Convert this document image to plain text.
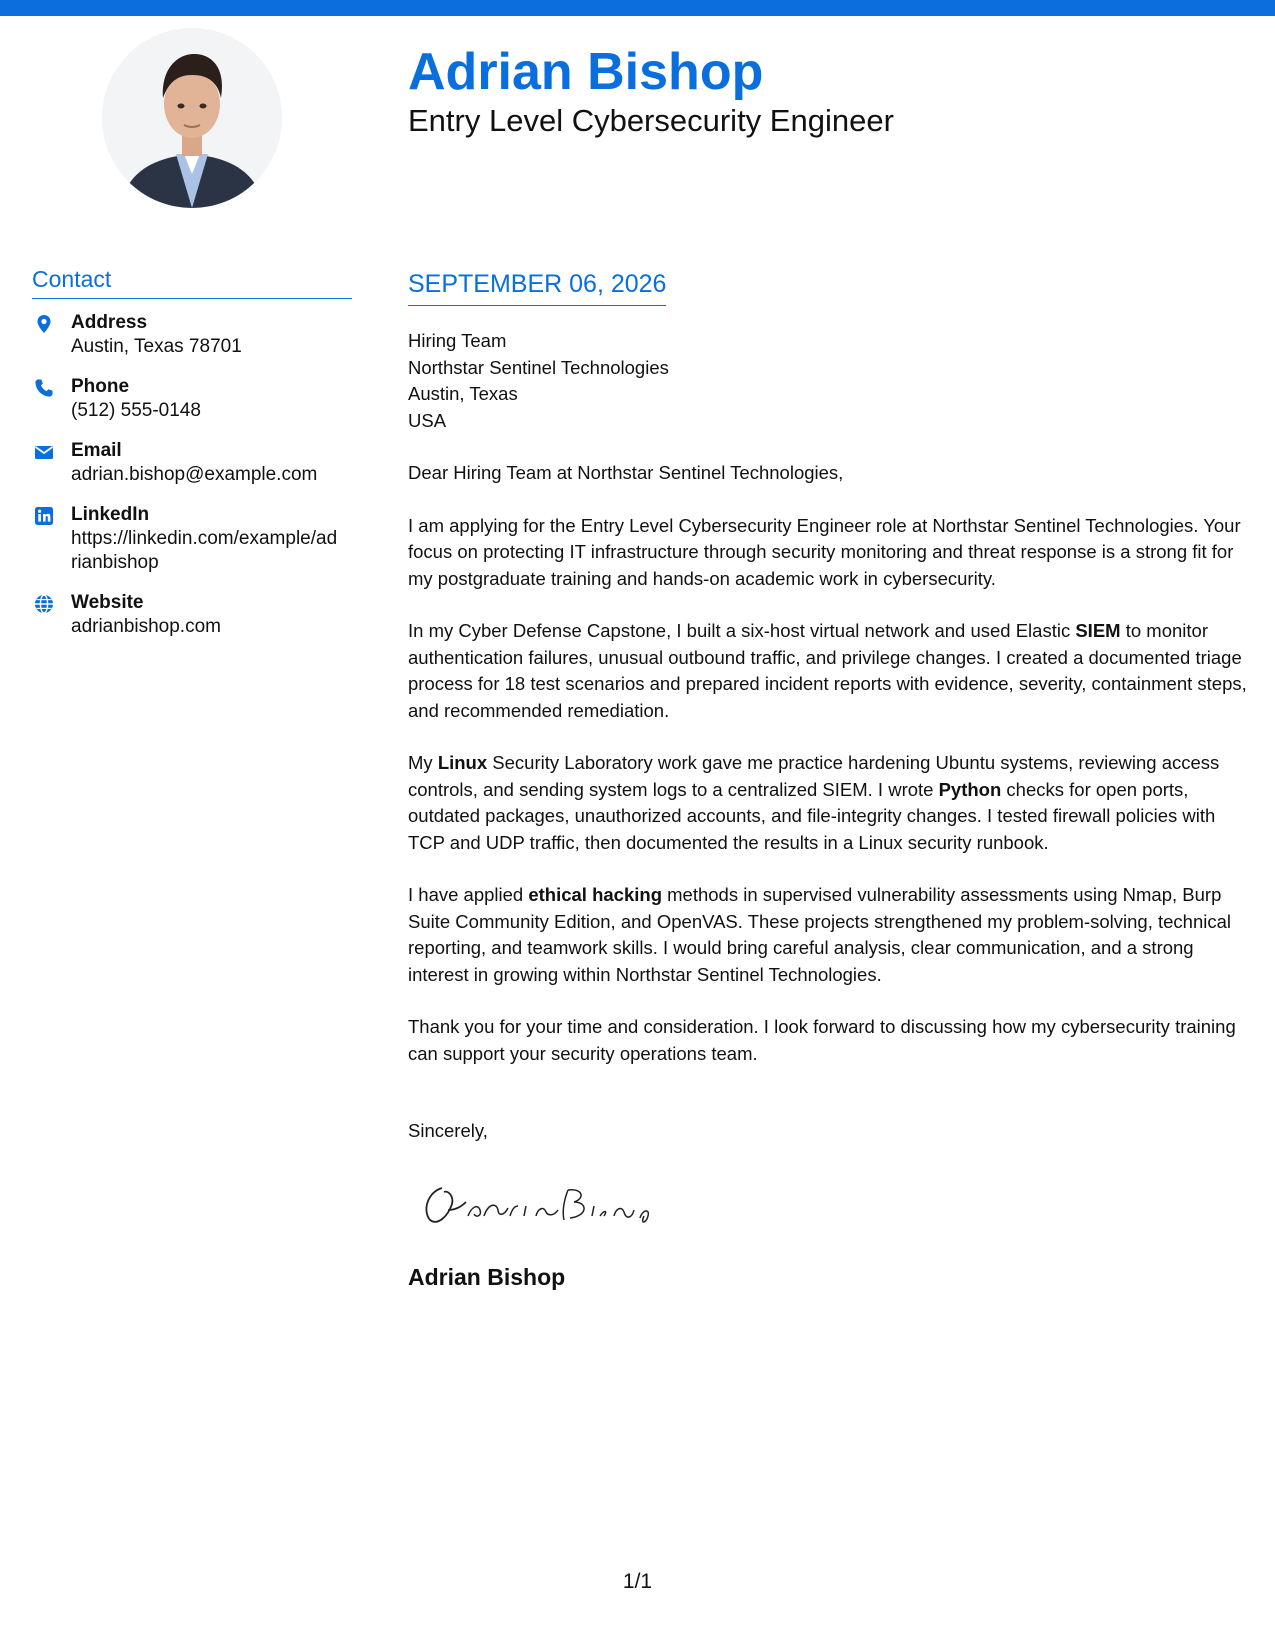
Adrian Bishop
Entry Level Cybersecurity Engineer
Contact
Address
Austin, Texas 78701
Phone
(512) 555-0148
Email
adrian.bishop@example.com
LinkedIn
https://linkedin.com/example/ad
rianbishop
Website
adrianbishop.com
SEPTEMBER 06, 2026
Hiring Team
Northstar Sentinel Technologies
Austin, Texas
USA

Dear Hiring Team at Northstar Sentinel Technologies,

I am applying for the Entry Level Cybersecurity Engineer role at Northstar Sentinel Technologies. Your focus on protecting IT infrastructure through security monitoring and threat response is a strong fit for my postgraduate training and hands-on academic work in cybersecurity.

In my Cyber Defense Capstone, I built a six-host virtual network and used Elastic SIEM to monitor authentication failures, unusual outbound traffic, and privilege changes. I created a documented triage process for 18 test scenarios and prepared incident reports with evidence, severity, containment steps, and recommended remediation.

My Linux Security Laboratory work gave me practice hardening Ubuntu systems, reviewing access controls, and sending system logs to a centralized SIEM. I wrote Python checks for open ports, outdated packages, unauthorized accounts, and file-integrity changes. I tested firewall policies with TCP and UDP traffic, then documented the results in a Linux security runbook.

I have applied ethical hacking methods in supervised vulnerability assessments using Nmap, Burp Suite Community Edition, and OpenVAS. These projects strengthened my problem-solving, technical reporting, and teamwork skills. I would bring careful analysis, clear communication, and a strong interest in growing within Northstar Sentinel Technologies.

Thank you for your time and consideration. I look forward to discussing how my cybersecurity training can support your security operations team.

Sincerely,
Adrian Bishop
1/1
